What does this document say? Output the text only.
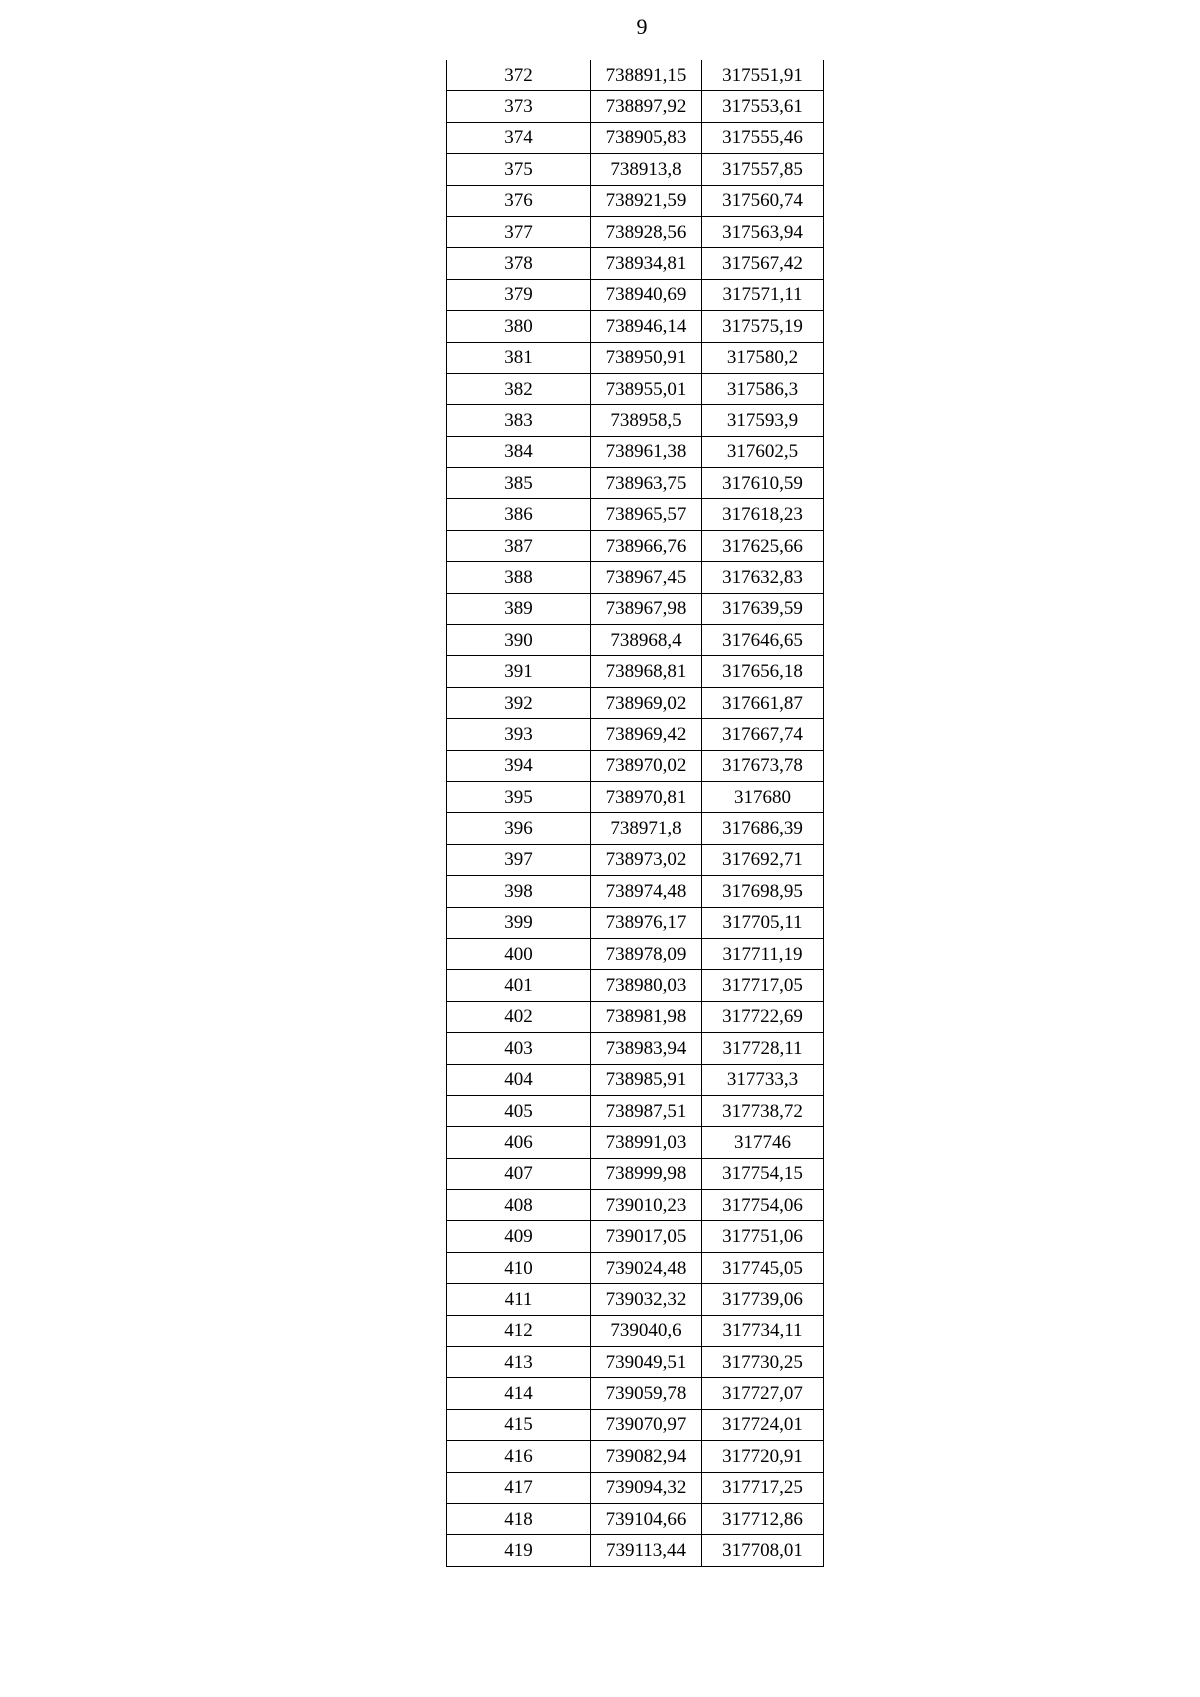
9
372	738891,15	317551,91
373	738897,92	317553,61
374	738905,83	317555,46
375	738913,8	317557,85
376	738921,59	317560,74
377	738928,56	317563,94
378	738934,81	317567,42
379	738940,69	317571,11
380	738946,14	317575,19
381	738950,91	317580,2
382	738955,01	317586,3
383	738958,5	317593,9
384	738961,38	317602,5
385	738963,75	317610,59
386	738965,57	317618,23
387	738966,76	317625,66
388	738967,45	317632,83
389	738967,98	317639,59
390	738968,4	317646,65
391	738968,81	317656,18
392	738969,02	317661,87
393	738969,42	317667,74
394	738970,02	317673,78
395	738970,81	317680
396	738971,8	317686,39
397	738973,02	317692,71
398	738974,48	317698,95
399	738976,17	317705,11
400	738978,09	317711,19
401	738980,03	317717,05
402	738981,98	317722,69
403	738983,94	317728,11
404	738985,91	317733,3
405	738987,51	317738,72
406	738991,03	317746
407	738999,98	317754,15
408	739010,23	317754,06
409	739017,05	317751,06
410	739024,48	317745,05
411	739032,32	317739,06
412	739040,6	317734,11
413	739049,51	317730,25
414	739059,78	317727,07
415	739070,97	317724,01
416	739082,94	317720,91
417	739094,32	317717,25
418	739104,66	317712,86
419	739113,44	317708,01
